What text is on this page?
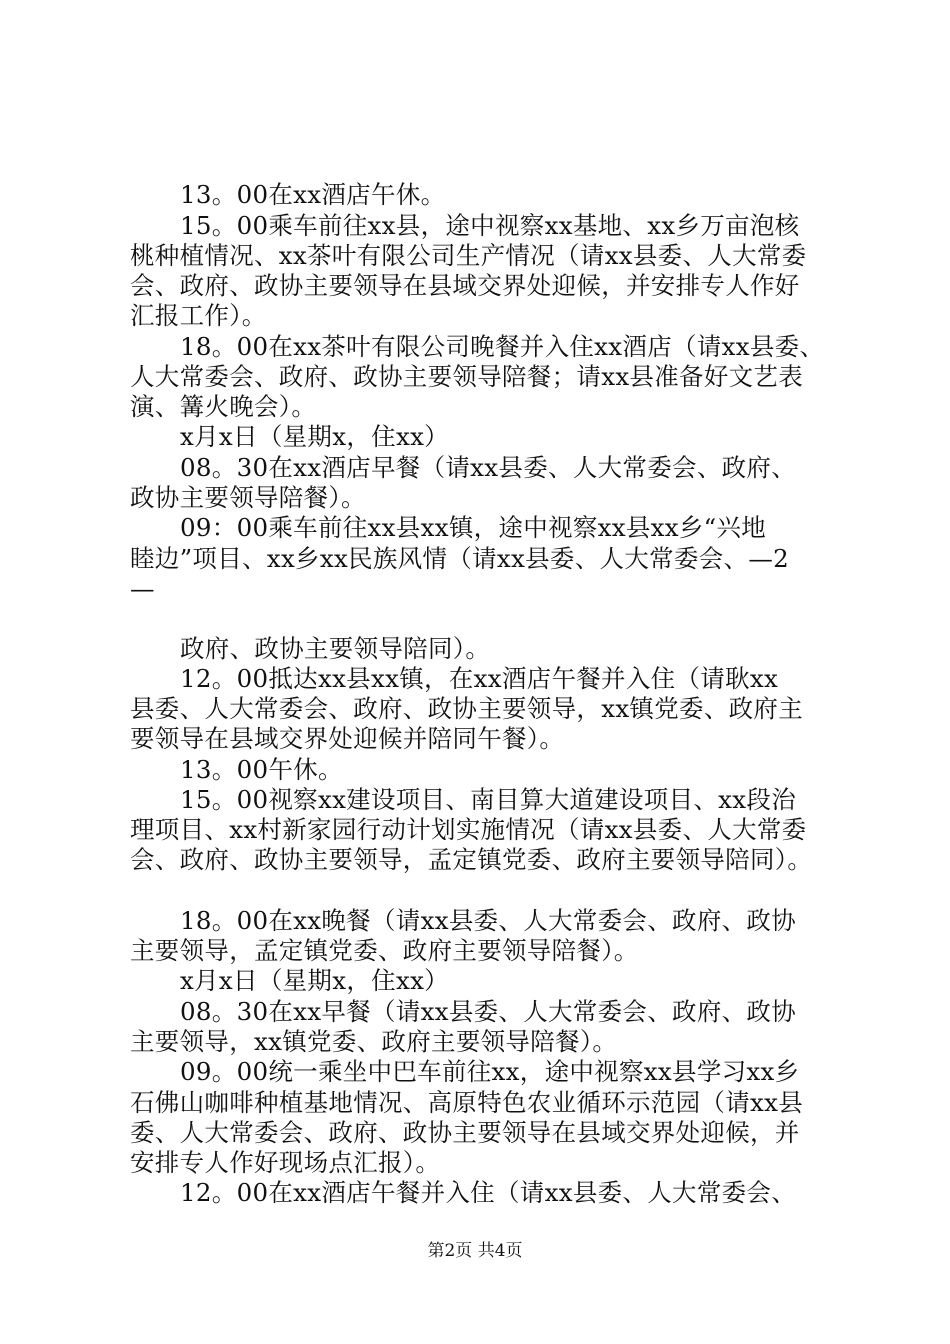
13。00在xx酒店午休。
15。00乘车前往xx县，途中视察xx基地、xx乡万亩泡核
桃种植情况、xx茶叶有限公司生产情况（请xx县委、人大常委
会、政府、政协主要领导在县域交界处迎候，并安排专人作好
汇报工作）。
18。00在xx茶叶有限公司晚餐并入住xx酒店（请xx县委、
人大常委会、政府、政协主要领导陪餐；请xx县准备好文艺表
演、篝火晚会）。
x月x日（星期x，住xx）
08。30在xx酒店早餐（请xx县委、人大常委会、政府、
政协主要领导陪餐）。
09：00乘车前往xx县xx镇，途中视察xx县xx乡“兴地
睦边”项目、xx乡xx民族风情（请xx县委、人大常委会、—2
—
政府、政协主要领导陪同）。
12。00抵达xx县xx镇，在xx酒店午餐并入住（请耿xx
县委、人大常委会、政府、政协主要领导，xx镇党委、政府主
要领导在县域交界处迎候并陪同午餐）。
13。00午休。
15。00视察xx建设项目、南目算大道建设项目、xx段治
理项目、xx村新家园行动计划实施情况（请xx县委、人大常委
会、政府、政协主要领导，孟定镇党委、政府主要领导陪同）。
18。00在xx晚餐（请xx县委、人大常委会、政府、政协
主要领导，孟定镇党委、政府主要领导陪餐）。
x月x日（星期x，住xx）
08。30在xx早餐（请xx县委、人大常委会、政府、政协
主要领导，xx镇党委、政府主要领导陪餐）。
09。00统一乘坐中巴车前往xx，途中视察xx县学习xx乡
石佛山咖啡种植基地情况、高原特色农业循环示范园（请xx县
委、人大常委会、政府、政协主要领导在县域交界处迎候，并
安排专人作好现场点汇报）。
12。00在xx酒店午餐并入住（请xx县委、人大常委会、
第2页 共4页
